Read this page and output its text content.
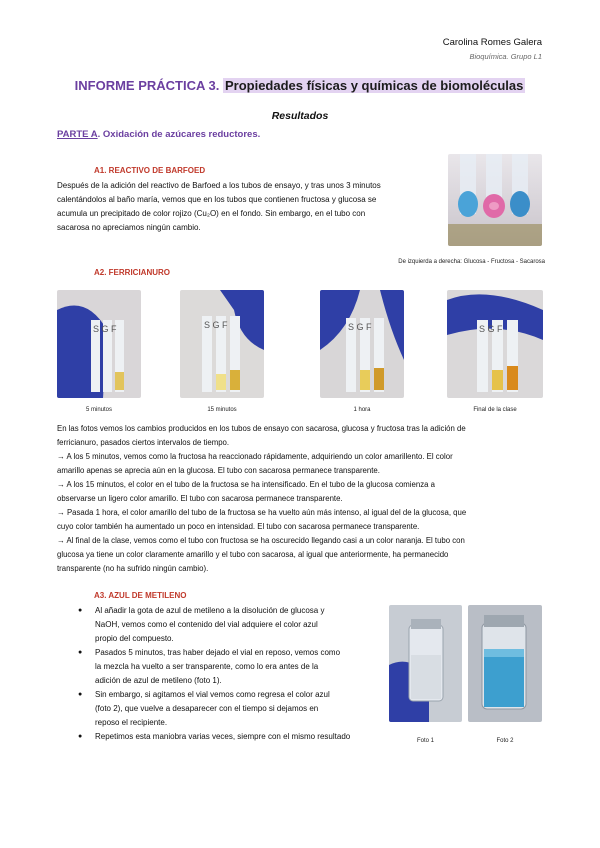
Carolina Romes Galera
Bioquímica. Grupo L1
INFORME PRÁCTICA 3. Propiedades físicas y químicas de biomoléculas
Resultados
PARTE A. Oxidación de azúcares reductores.
A1. REACTIVO DE BARFOED
Después de la adición del reactivo de Barfoed a los tubos de ensayo, y tras unos 3 minutos
calentándolos al baño maría, vemos que en los tubos que contienen fructosa y glucosa se
acumula un precipitado de color rojizo (Cu₂O) en el fondo. Sin embargo, en el tubo con
sacarosa no apreciamos ningún cambio.
De izquierda a derecha: Glucosa - Fructosa - Sacarosa
A2. FERRICIANURO
S G F	S G F	S G F	S G F
5 minutos	15 minutos	1 hora	Final de la clase
En las fotos vemos los cambios producidos en los tubos de ensayo con sacarosa, glucosa y fructosa tras la adición de
ferricianuro, pasados ciertos intervalos de tiempo.
→ A los 5 minutos, vemos como la fructosa ha reaccionado rápidamente, adquiriendo un color amarillento. El color
amarillo apenas se aprecia aún en la glucosa. El tubo con sacarosa permanece transparente.
→ A los 15 minutos, el color en el tubo de la fructosa se ha intensificado. En el tubo de la glucosa comienza a
observarse un ligero color amarillo. El tubo con sacarosa permanece transparente.
→ Pasada 1 hora, el color amarillo del tubo de la fructosa se ha vuelto aún más intenso, al igual del de la glucosa, que
cuyo color también ha aumentado un poco en intensidad. El tubo con sacarosa permanece transparente.
→ Al final de la clase, vemos como el tubo con fructosa se ha oscurecido llegando casi a un color naranja. El tubo con
glucosa ya tiene un color claramente amarillo y el tubo con sacarosa, al igual que anteriormente, ha permanecido
transparente (no ha sufrido ningún cambio).
A3. AZUL DE METILENO
● Al añadir la gota de azul de metileno a la disolución de glucosa y
NaOH, vemos como el contenido del vial adquiere el color azul
propio del compuesto.
● Pasados 5 minutos, tras haber dejado el vial en reposo, vemos como
la mezcla ha vuelto a ser transparente, como lo era antes de la
adición de azul de metileno (foto 1).
● Sin embargo, si agitamos el vial vemos como regresa el color azul
(foto 2), que vuelve a desaparecer con el tiempo si dejamos en
reposo el recipiente.
● Repetimos esta maniobra varias veces, siempre con el mismo resultado	Foto 1	Foto 2
